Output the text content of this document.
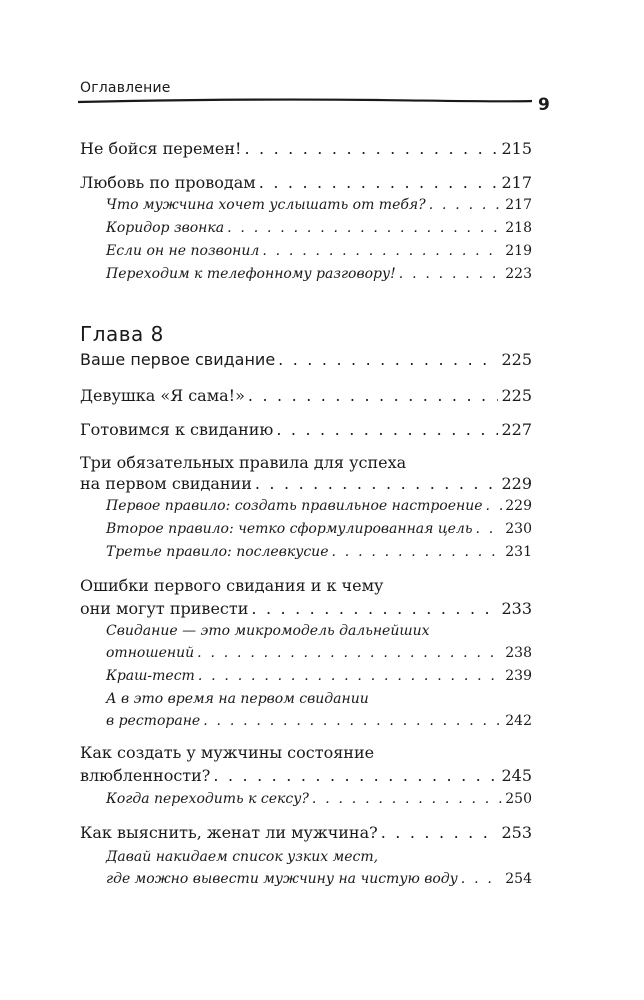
Оглавление
9
Не бойся перемен! . . .	215
Любовь по проводам . . .	217
Что мужчина хочет услышать от тебя? . . .	217
Коридор звонка . . .	218
Если он не позвонил . . .	219
Переходим к телефонному разговору! . . .	223
Глава 8
Ваше первое свидание . . .	225
Девушка «Я сама!» . . .	225
Готовимся к свиданию . . .	227
Три обязательных правила для успеха
на первом свидании . . .	229
Первое правило: создать правильное настроение . . . 229
Второе правило: четко сформулированная цель . . . 230
Третье правило: послевкусие . . .	231
Ошибки первого свидания и к чему
они могут привести . . .	233
Свидание — это микромодель дальнейших
отношений . . .	238
Краш-тест . . .	239
А в это время на первом свидании
в ресторане . . .	242
Как создать у мужчины состояние
влюбленности? . . .	245
Когда переходить к сексу? . . .	250
Как выяснить, женат ли мужчина? . . .	253
Давай накидаем список узких мест,
где можно вывести мужчину на чистую воду . . .	254
